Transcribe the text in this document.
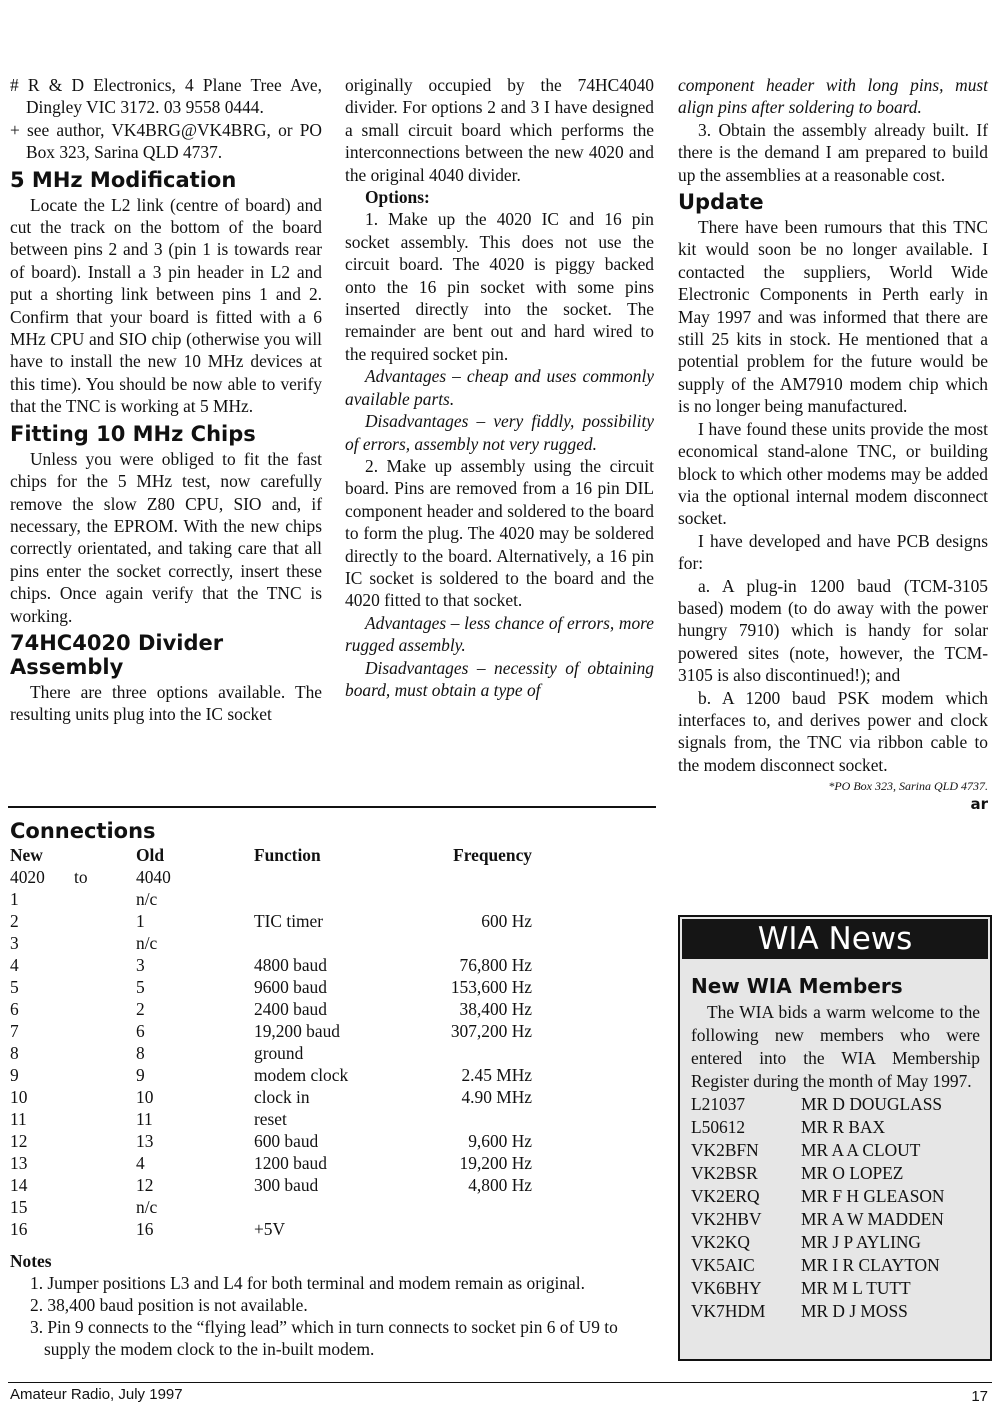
# R & D Electronics, 4 Plane Tree Ave, Dingley VIC 3172. 03 9558 0444.

+ see author, VK4BRG@VK4BRG, or PO Box 323, Sarina QLD 4737.

5 MHz Modification

Locate the L2 link (centre of board) and cut the track on the bottom of the board between pins 2 and 3 (pin 1 is towards rear of board). Install a 3 pin header in L2 and put a shorting link between pins 1 and 2. Confirm that your board is fitted with a 6 MHz CPU and SIO chip (otherwise you will have to install the new 10 MHz devices at this time). You should be now able to verify that the TNC is working at 5 MHz.

Fitting 10 MHz Chips

Unless you were obliged to fit the fast chips for the 5 MHz test, now carefully remove the slow Z80 CPU, SIO and, if necessary, the EPROM. With the new chips correctly orientated, and taking care that all pins enter the socket correctly, insert these chips. Once again verify that the TNC is working.

74HC4020 Divider Assembly

There are three options available. The resulting units plug into the IC socket

originally occupied by the 74HC4040 divider. For options 2 and 3 I have designed a small circuit board which performs the interconnections between the new 4020 and the original 4040 divider.

Options:

1. Make up the 4020 IC and 16 pin socket assembly. This does not use the circuit board. The 4020 is piggy backed onto the 16 pin socket with some pins inserted directly into the socket. The remainder are bent out and hard wired to the required socket pin.

Advantages – cheap and uses commonly available parts.

Disadvantages – very fiddly, possibility of errors, assembly not very rugged.

2. Make up assembly using the circuit board. Pins are removed from a 16 pin DIL component header and soldered to the board to form the plug. The 4020 may be soldered directly to the board. Alternatively, a 16 pin IC socket is soldered to the board and the 4020 fitted to that socket.

Advantages – less chance of errors, more rugged assembly.

Disadvantages – necessity of obtaining board, must obtain a type of

component header with long pins, must align pins after soldering to board.

3. Obtain the assembly already built. If there is the demand I am prepared to build up the assemblies at a reasonable cost.

Update

There have been rumours that this TNC kit would soon be no longer available. I contacted the suppliers, World Wide Electronic Components in Perth early in May 1997 and was informed that there are still 25 kits in stock. He mentioned that a potential problem for the future would be supply of the AM7910 modem chip which is no longer being manufactured.

I have found these units provide the most economical stand-alone TNC, or building block to which other modems may be added via the optional internal modem disconnect socket.

I have developed and have PCB designs for:

a. A plug-in 1200 baud (TCM-3105 based) modem (to do away with the power hungry 7910) which is handy for solar powered sites (note, however, the TCM-3105 is also discontinued!); and

b. A 1200 baud PSK modem which interfaces to, and derives power and clock signals from, the TNC via ribbon cable to the modem disconnect socket.

*PO Box 323, Sarina QLD 4737.
ar
Connections
New		Old	Function	Frequency
4020	to	4040		
1		n/c		
2		1	TIC timer	600 Hz
3		n/c		
4		3	4800 baud	76,800 Hz
5		5	9600 baud	153,600 Hz
6		2	2400 baud	38,400 Hz
7		6	19,200 baud	307,200 Hz
8		8	ground	
9		9	modem clock	2.45 MHz
10		10	clock in	4.90 MHz
11		11	reset	
12		13	600 baud	9,600 Hz
13		4	1200 baud	19,200 Hz
14		12	300 baud	4,800 Hz
15		n/c		
16		16	+5V	
Notes
1. Jumper positions L3 and L4 for both terminal and modem remain as original.
2. 38,400 baud position is not available.
3. Pin 9 connects to the “flying lead” which in turn connects to socket pin 6 of U9 to supply the modem clock to the in-built modem.
WIA News
New WIA Members
The WIA bids a warm welcome to the following new members who were entered into the WIA Membership Register during the month of May 1997.
L21037	MR D DOUGLASS
L50612	MR R BAX
VK2BFN	MR A A CLOUT
VK2BSR	MR O LOPEZ
VK2ERQ	MR F H GLEASON
VK2HBV	MR A W MADDEN
VK2KQ	MR J P AYLING
VK5AIC	MR I R CLAYTON
VK6BHY	MR M L TUTT
VK7HDM	MR D J MOSS
Amateur Radio, July 1997	17
